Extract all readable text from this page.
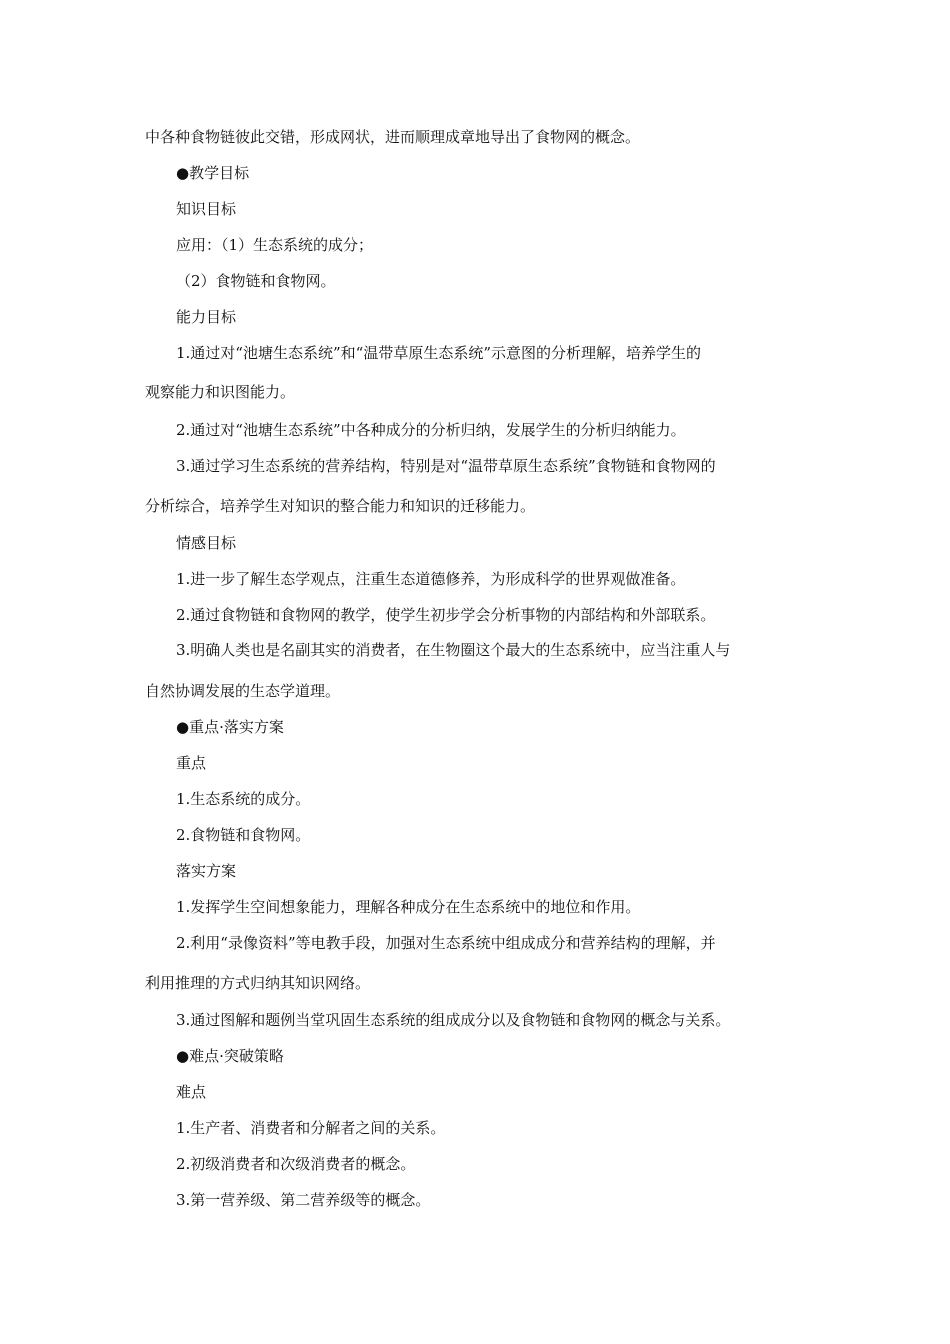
中各种食物链彼此交错，形成网状，进而顺理成章地导出了食物网的概念。
●教学目标
知识目标
应用：（1）生态系统的成分；
（2）食物链和食物网。
能力目标
1.通过对“池塘生态系统”和“温带草原生态系统”示意图的分析理解，培养学生的
观察能力和识图能力。
2.通过对“池塘生态系统”中各种成分的分析归纳，发展学生的分析归纳能力。
3.通过学习生态系统的营养结构，特别是对“温带草原生态系统”食物链和食物网的
分析综合，培养学生对知识的整合能力和知识的迁移能力。
情感目标
1.进一步了解生态学观点，注重生态道德修养，为形成科学的世界观做准备。
2.通过食物链和食物网的教学，使学生初步学会分析事物的内部结构和外部联系。
3.明确人类也是名副其实的消费者，在生物圈这个最大的生态系统中，应当注重人与
自然协调发展的生态学道理。
●重点·落实方案
重点
1.生态系统的成分。
2.食物链和食物网。
落实方案
1.发挥学生空间想象能力，理解各种成分在生态系统中的地位和作用。
2.利用“录像资料”等电教手段，加强对生态系统中组成成分和营养结构的理解，并
利用推理的方式归纳其知识网络。
3.通过图解和题例当堂巩固生态系统的组成成分以及食物链和食物网的概念与关系。
●难点·突破策略
难点
1.生产者、消费者和分解者之间的关系。
2.初级消费者和次级消费者的概念。
3.第一营养级、第二营养级等的概念。
